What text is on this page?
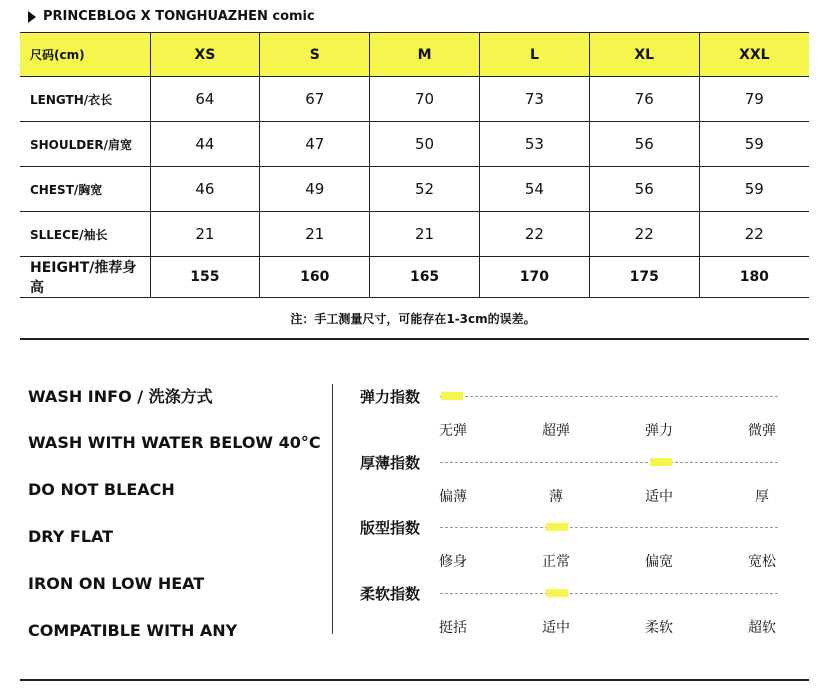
PRINCEBLOG X TONGHUAZHEN comic
尺码(cm)	XS	S	M	L	XL	XXL
LENGTH/衣长	64	67	70	73	76	79
SHOULDER/肩宽	44	47	50	53	56	59
CHEST/胸宽	46	49	52	54	56	59
SLLECE/袖长	21	21	21	22	22	22
HEIGHT/推荐身高	155	160	165	170	175	180
注：手工测量尺寸，可能存在1-3cm的误差。
WASH INFO / 洗涤方式
WASH WITH WATER BELOW 40°C
DO NOT BLEACH
DRY FLAT
IRON ON LOW HEAT
COMPATIBLE WITH ANY
弹力指数
无弹	超弹	弹力	微弹
厚薄指数
偏薄	薄	适中	厚
版型指数
修身	正常	偏宽	宽松
柔软指数
挺括	适中	柔软	超软
